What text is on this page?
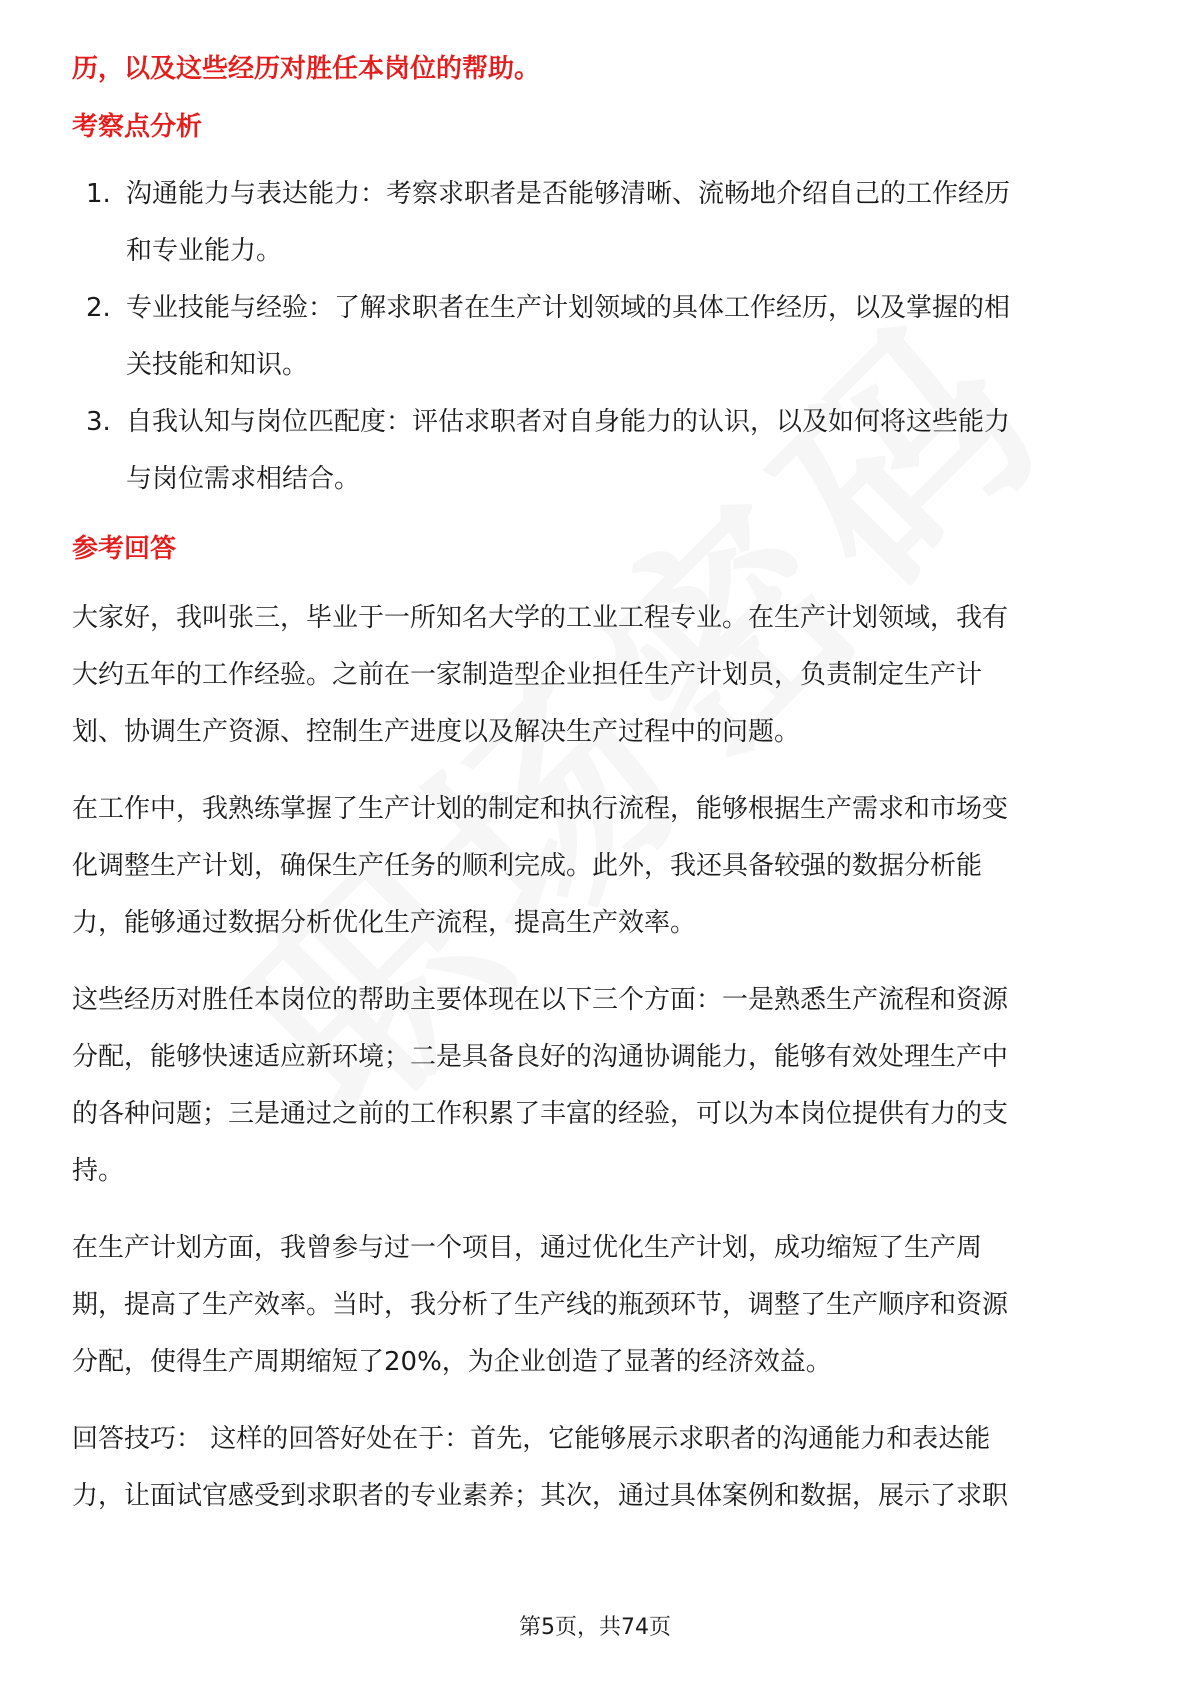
历，以及这些经历对胜任本岗位的帮助。

考察点分析

1. 沟通能力与表达能力：考察求职者是否能够清晰、流畅地介绍自己的工作经历
和专业能力。
2. 专业技能与经验：了解求职者在生产计划领域的具体工作经历，以及掌握的相
关技能和知识。
3. 自我认知与岗位匹配度：评估求职者对自身能力的认识，以及如何将这些能力
与岗位需求相结合。

参考回答

大家好，我叫张三，毕业于一所知名大学的工业工程专业。在生产计划领域，我有
大约五年的工作经验。之前在一家制造型企业担任生产计划员，负责制定生产计
划、协调生产资源、控制生产进度以及解决生产过程中的问题。
在工作中，我熟练掌握了生产计划的制定和执行流程，能够根据生产需求和市场变
化调整生产计划，确保生产任务的顺利完成。此外，我还具备较强的数据分析能
力，能够通过数据分析优化生产流程，提高生产效率。
这些经历对胜任本岗位的帮助主要体现在以下三个方面：一是熟悉生产流程和资源
分配，能够快速适应新环境；二是具备良好的沟通协调能力，能够有效处理生产中
的各种问题；三是通过之前的工作积累了丰富的经验，可以为本岗位提供有力的支
持。
在生产计划方面，我曾参与过一个项目，通过优化生产计划，成功缩短了生产周
期，提高了生产效率。当时，我分析了生产线的瓶颈环节，调整了生产顺序和资源
分配，使得生产周期缩短了20%，为企业创造了显著的经济效益。
回答技巧： 这样的回答好处在于：首先，它能够展示求职者的沟通能力和表达能
力，让面试官感受到求职者的专业素养；其次，通过具体案例和数据，展示了求职
第5页，共74页
